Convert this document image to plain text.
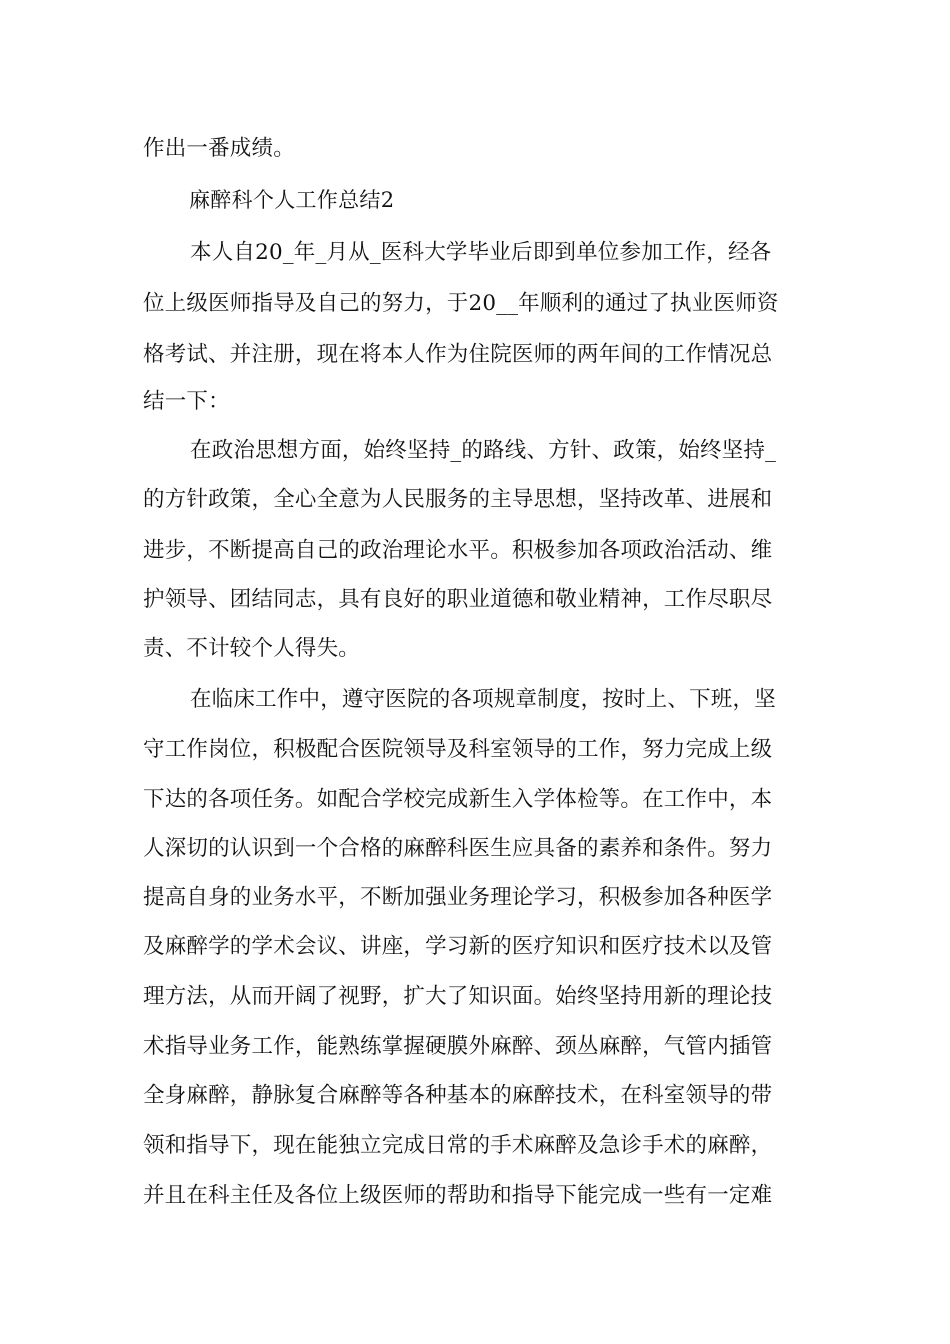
作出一番成绩。
麻醉科个人工作总结2
本人自20_年_月从_医科大学毕业后即到单位参加工作，经各
位上级医师指导及自己的努力，于20__年顺利的通过了执业医师资
格考试、并注册，现在将本人作为住院医师的两年间的工作情况总
结一下：
在政治思想方面，始终坚持_的路线、方针、政策，始终坚持_
的方针政策，全心全意为人民服务的主导思想，坚持改革、进展和
进步，不断提高自己的政治理论水平。积极参加各项政治活动、维
护领导、团结同志，具有良好的职业道德和敬业精神，工作尽职尽
责、不计较个人得失。
在临床工作中，遵守医院的各项规章制度，按时上、下班，坚
守工作岗位，积极配合医院领导及科室领导的工作，努力完成上级
下达的各项任务。如配合学校完成新生入学体检等。在工作中，本
人深切的认识到一个合格的麻醉科医生应具备的素养和条件。努力
提高自身的业务水平，不断加强业务理论学习，积极参加各种医学
及麻醉学的学术会议、讲座，学习新的医疗知识和医疗技术以及管
理方法，从而开阔了视野，扩大了知识面。始终坚持用新的理论技
术指导业务工作，能熟练掌握硬膜外麻醉、颈丛麻醉，气管内插管
全身麻醉，静脉复合麻醉等各种基本的麻醉技术，在科室领导的带
领和指导下，现在能独立完成日常的手术麻醉及急诊手术的麻醉，
并且在科主任及各位上级医师的帮助和指导下能完成一些有一定难
